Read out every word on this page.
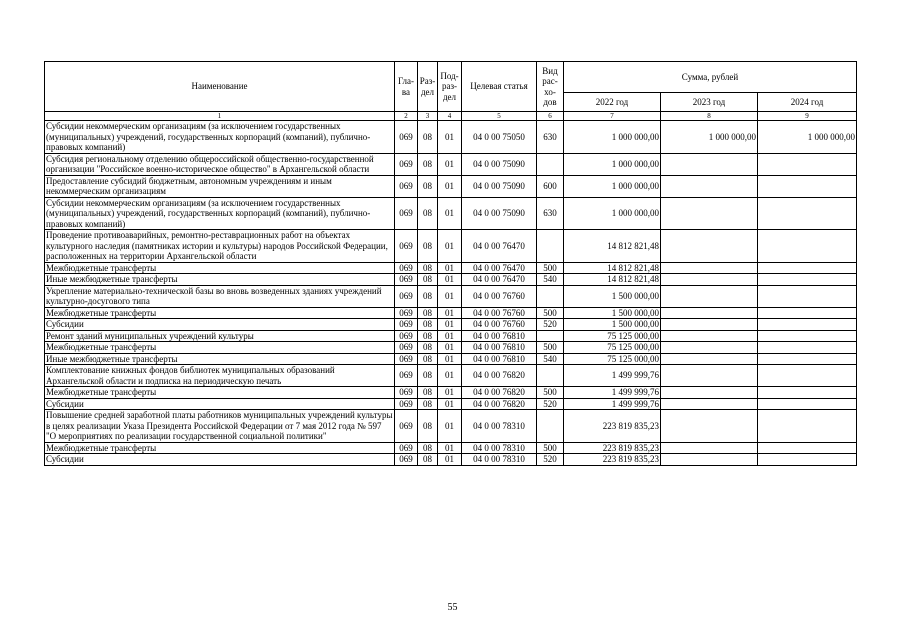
Наименование	Гла-ва	Раз-дел	Под-раз-дел	Целевая статья	Вид рас-хо-дов	Сумма, рублей		
						2022 год	2023 год	2024 год
1	2	3	4	5	6	7	8	9
Субсидии некоммерческим организациям (за исключением государственных (муниципальных) учреждений, государственных корпораций (компаний), публично-правовых компаний)	069	08	01	04 0 00 75050	630	1 000 000,00	1 000 000,00	1 000 000,00
Субсидия региональному отделению общероссийской общественно-государственной организации "Российское военно-историческое общество" в Архангельской области	069	08	01	04 0 00 75090		1 000 000,00		
Предоставление субсидий бюджетным, автономным учреждениям и иным некоммерческим организациям	069	08	01	04 0 00 75090	600	1 000 000,00		
Субсидии некоммерческим организациям (за исключением государственных (муниципальных) учреждений, государственных корпораций (компаний), публично-правовых компаний)	069	08	01	04 0 00 75090	630	1 000 000,00		
Проведение противоаварийных, ремонтно-реставрационных работ на объектах культурного наследия (памятниках истории и культуры) народов Российской Федерации, расположенных на территории Архангельской области	069	08	01	04 0 00 76470		14 812 821,48		
Межбюджетные трансферты	069	08	01	04 0 00 76470	500	14 812 821,48		
Иные межбюджетные трансферты	069	08	01	04 0 00 76470	540	14 812 821,48		
Укрепление материально-технической базы во вновь возведенных зданиях учреждений культурно-досугового типа	069	08	01	04 0 00 76760		1 500 000,00		
Межбюджетные трансферты	069	08	01	04 0 00 76760	500	1 500 000,00		
Субсидии	069	08	01	04 0 00 76760	520	1 500 000,00		
Ремонт зданий муниципальных учреждений культуры	069	08	01	04 0 00 76810		75 125 000,00		
Межбюджетные трансферты	069	08	01	04 0 00 76810	500	75 125 000,00		
Иные межбюджетные трансферты	069	08	01	04 0 00 76810	540	75 125 000,00		
Комплектование книжных фондов библиотек муниципальных образований Архангельской области и подписка на периодическую печать	069	08	01	04 0 00 76820		1 499 999,76		
Межбюджетные трансферты	069	08	01	04 0 00 76820	500	1 499 999,76		
Субсидии	069	08	01	04 0 00 76820	520	1 499 999,76		
Повышение средней заработной платы работников муниципальных учреждений культуры в целях реализации Указа Президента Российской Федерации от 7 мая 2012 года № 597 "О мероприятиях по реализации государственной социальной политики"	069	08	01	04 0 00 78310		223 819 835,23		
Межбюджетные трансферты	069	08	01	04 0 00 78310	500	223 819 835,23		
Субсидии	069	08	01	04 0 00 78310	520	223 819 835,23		
55
